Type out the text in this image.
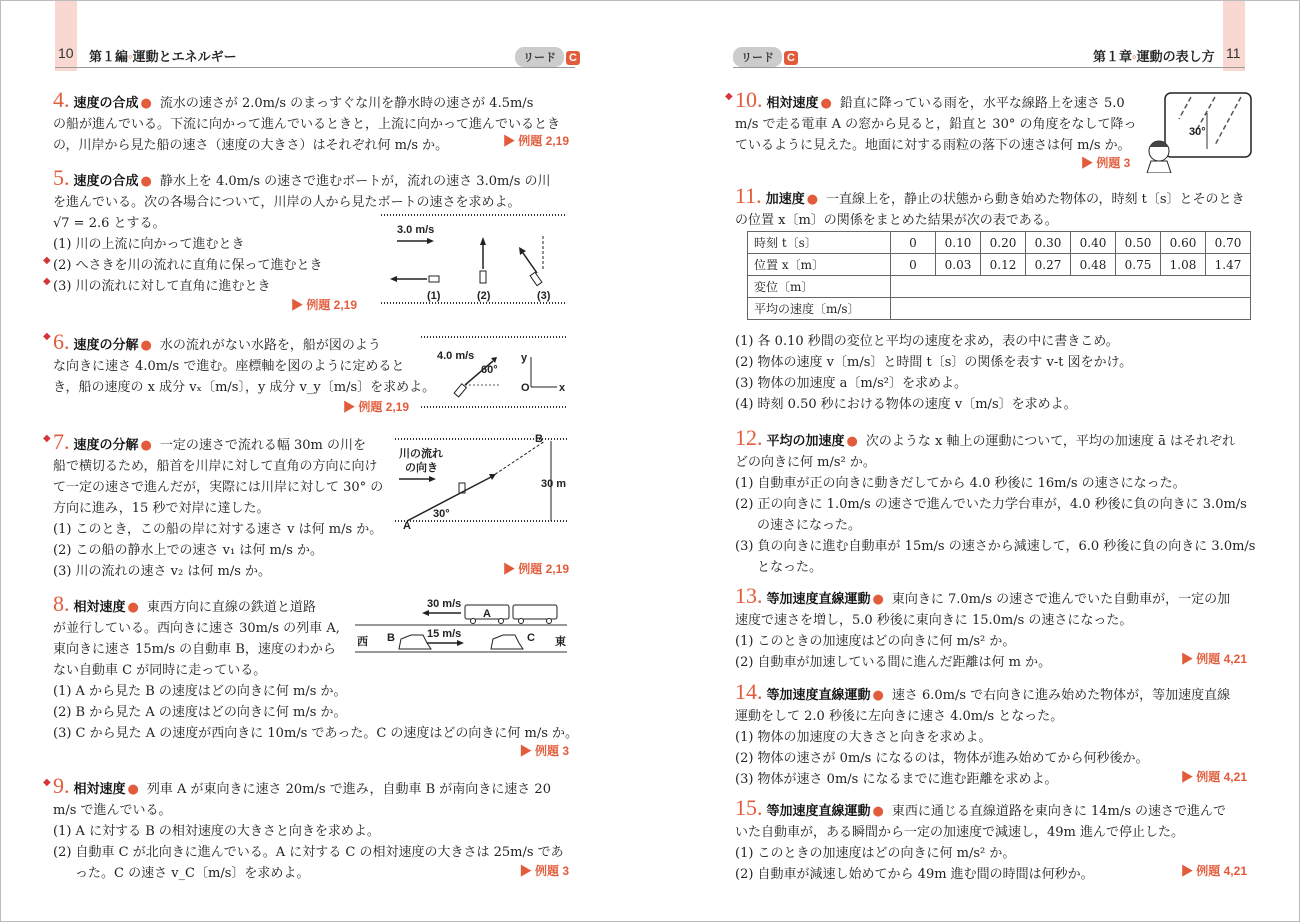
10 第１編◦運動とエネルギー	リード C
4. 速度の合成 ● 流水の速さが 2.0m/s のまっすぐな川を静水時の速さが 4.5m/s
の船が進んでいる。下流に向かって進んでいるときと，上流に向かって進んでいるとき
の，川岸から見た船の速さ（速度の大きさ）はそれぞれ何 m/s か。	▶ 例題 2,19
5. 速度の合成 ● 静水上を 4.0m/s の速さで進むボートが，流れの速さ 3.0m/s の川
を進んでいる。次の各場合について，川岸の人から見たボートの速さを求めよ。
√7 = 2.6 とする。
(1) 川の上流に向かって進むとき
(2) へさきを川の流れに直角に保って進むとき
(3) 川の流れに対して直角に進むとき
▶ 例題 2,19
◆
◆
3.0 m/s
(1)	(2)	(3)
◆ 6. 速度の分解 ● 水の流れがない水路を，船が図のよう
な向きに速さ 4.0m/s で進む。座標軸を図のように定めると
き，船の速度の x 成分 vₓ〔m/s〕，y 成分 v_y〔m/s〕を求めよ。
▶ 例題 2,19
4.0 m/s
60°
y
O	x
◆ 7. 速度の分解 ● 一定の速さで流れる幅 30m の川を
船で横切るため，船首を川岸に対して直角の方向に向け
て一定の速さで進んだが，実際には川岸に対して 30° の
方向に進み，15 秒で対岸に達した。
(1) このとき，この船の岸に対する速さ v は何 m/s か。
(2) この船の静水上での速さ v₁ は何 m/s か。
(3) 川の流れの速さ v₂ は何 m/s か。	▶ 例題 2,19
川の流れ
の向き
B
A
30 m
30°
8. 相対速度 ● 東西方向に直線の鉄道と道路
が並行している。西向きに速さ 30m/s の列車 A,
東向きに速さ 15m/s の自動車 B，速度のわから
ない自動車 C が同時に走っている。
(1) A から見た B の速度はどの向きに何 m/s か。
(2) B から見た A の速度はどの向きに何 m/s か。
(3) C から見た A の速度が西向きに 10m/s であった。C の速度はどの向きに何 m/s か。
▶ 例題 3
30 m/s
A
15 m/s
西 B	C 東
◆ 9. 相対速度 ● 列車 A が東向きに速さ 20m/s で進み，自動車 B が南向きに速さ 20
m/s で進んでいる。
(1) A に対する B の相対速度の大きさと向きを求めよ。
(2) 自動車 C が北向きに進んでいる。A に対する C の相対速度の大きさは 25m/s であ
った。C の速さ v_C〔m/s〕を求めよ。	▶ 例題 3
11
第１章◦運動の表し方
リード C
◆ 10. 相対速度 ● 鉛直に降っている雨を，水平な線路上を速さ 5.0
m/s で走る電車 A の窓から見ると，鉛直と 30° の角度をなして降っ
ているように見えた。地面に対する雨粒の落下の速さは何 m/s か。
▶ 例題 3
30°
11. 加速度 ● 一直線上を，静止の状態から動き始めた物体の，時刻 t〔s〕とそのとき
の位置 x〔m〕の関係をまとめた結果が次の表である。
時刻 t〔s〕	0	0.10	0.20	0.30	0.40	0.50	0.60	0.70
位置 x〔m〕	0	0.03	0.12	0.27	0.48	0.75	1.08	1.47
変位〔m〕								
平均の速度〔m/s〕								
(1) 各 0.10 秒間の変位と平均の速度を求め，表の中に書きこめ。
(2) 物体の速度 v〔m/s〕と時間 t〔s〕の関係を表す v-t 図をかけ。
(3) 物体の加速度 a〔m/s²〕を求めよ。
(4) 時刻 0.50 秒における物体の速度 v〔m/s〕を求めよ。
12. 平均の加速度 ● 次のような x 軸上の運動について，平均の加速度 ā はそれぞれ
どの向きに何 m/s² か。
(1) 自動車が正の向きに動きだしてから 4.0 秒後に 16m/s の速さになった。
(2) 正の向きに 1.0m/s の速さで進んでいた力学台車が，4.0 秒後に負の向きに 3.0m/s
の速さになった。
(3) 負の向きに進む自動車が 15m/s の速さから減速して，6.0 秒後に負の向きに 3.0m/s
となった。
13. 等加速度直線運動 ● 東向きに 7.0m/s の速さで進んでいた自動車が，一定の加
速度で速さを増し，5.0 秒後に東向きに 15.0m/s の速さになった。
(1) このときの加速度はどの向きに何 m/s² か。
(2) 自動車が加速している間に進んだ距離は何 m か。	▶ 例題 4,21
14. 等加速度直線運動 ● 速さ 6.0m/s で右向きに進み始めた物体が，等加速度直線
運動をして 2.0 秒後に左向きに速さ 4.0m/s となった。
(1) 物体の加速度の大きさと向きを求めよ。
(2) 物体の速さが 0m/s になるのは，物体が進み始めてから何秒後か。
(3) 物体が速さ 0m/s になるまでに進む距離を求めよ。	▶ 例題 4,21
15. 等加速度直線運動 ● 東西に通じる直線道路を東向きに 14m/s の速さで進んで
いた自動車が，ある瞬間から一定の加速度で減速し，49m 進んで停止した。
(1) このときの加速度はどの向きに何 m/s² か。
(2) 自動車が減速し始めてから 49m 進む間の時間は何秒か。	▶ 例題 4,21
